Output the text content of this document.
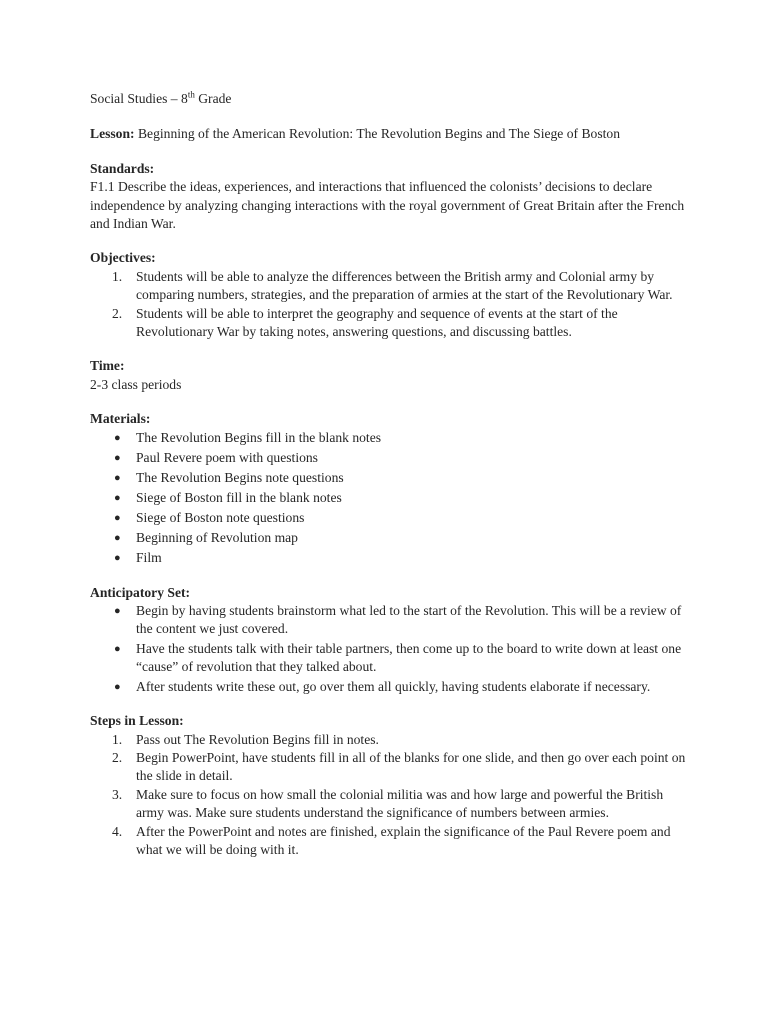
Social Studies – 8th Grade

Lesson: Beginning of the American Revolution: The Revolution Begins and The Siege of Boston

Standards:

F1.1 Describe the ideas, experiences, and interactions that influenced the colonists’ decisions to declare independence by analyzing changing interactions with the royal government of Great Britain after the French and Indian War.

Objectives:

1.	Students will be able to analyze the differences between the British army and Colonial army by comparing numbers, strategies, and the preparation of armies at the start of the Revolutionary War.
2.	Students will be able to interpret the geography and sequence of events at the start of the Revolutionary War by taking notes, answering questions, and discussing battles.

Time:

2-3 class periods

Materials:

● The Revolution Begins fill in the blank notes
● Paul Revere poem with questions
● The Revolution Begins note questions
● Siege of Boston fill in the blank notes
● Siege of Boston note questions
● Beginning of Revolution map
● Film

Anticipatory Set:

● Begin by having students brainstorm what led to the start of the Revolution. This will be a review of the content we just covered.
● Have the students talk with their table partners, then come up to the board to write down at least one “cause” of revolution that they talked about.
● After students write these out, go over them all quickly, having students elaborate if necessary.

Steps in Lesson:

1.	Pass out The Revolution Begins fill in notes.
2.	Begin PowerPoint, have students fill in all of the blanks for one slide, and then go over each point on the slide in detail.
3.	Make sure to focus on how small the colonial militia was and how large and powerful the British army was. Make sure students understand the significance of numbers between armies.
4.	After the PowerPoint and notes are finished, explain the significance of the Paul Revere poem and what we will be doing with it.
